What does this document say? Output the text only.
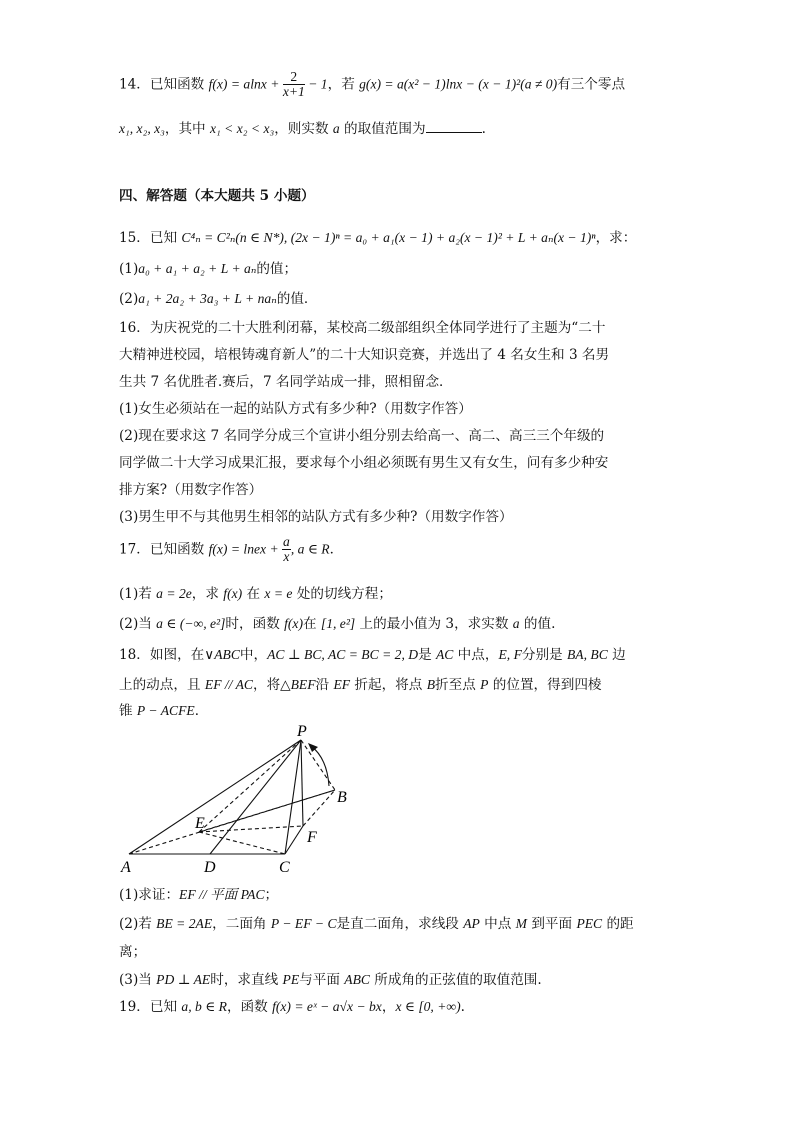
14．已知函数 $f(x) = alnx + \frac{2}{x+1} - 1$，若 g(x) = a(x² − 1)lnx − (x − 1)²(a ≠ 0)有三个零点
x₁, x₂, x₃，其中 x₁ < x₂ < x₃，则实数 a 的取值范围为	.
四、解答题（本大题共 5 小题）
15．已知 C⁴ₙ = C²ₙ(n ∈ N*), (2x − 1)ⁿ = a₀ + a₁(x − 1) + a₂(x − 1)² + L + aₙ(x − 1)ⁿ，求：
(1)a₀ + a₁ + a₂ + L + aₙ的值；
(2)a₁ + 2a₂ + 3a₃ + L + naₙ的值．
16．为庆祝党的二十大胜利闭幕，某校高二级部组织全体同学进行了主题为“二十
大精神进校园，培根铸魂育新人”的二十大知识竞赛，并选出了 4 名女生和 3 名男
生共 7 名优胜者.赛后，7 名同学站成一排，照相留念．
(1)女生必须站在一起的站队方式有多少种?（用数字作答）
(2)现在要求这 7 名同学分成三个宣讲小组分别去给高一、高二、高三三个年级的
同学做二十大学习成果汇报，要求每个小组必须既有男生又有女生，问有多少种安
排方案?（用数字作答）
(3)男生甲不与其他男生相邻的站队方式有多少种?（用数字作答）
17．已知函数 f(x) = lnex + $\frac{a}{x}$ , a ∈ R．
(1)若 a = 2e，求 f(x) 在 x = e 处的切线方程；
(2)当 a ∈ (−∞, e²]时，函数 f(x)在 [1, e²] 上的最小值为 3，求实数 a 的值.
18．如图，在∨ABC中，AC ⊥ BC, AC = BC = 2, D是 AC 中点，E, F分别是 BA, BC 边
上的动点，且 EF // AC，将△BEF沿 EF 折起，将点 B折至点 P 的位置，得到四棱
锥 P − ACFE．
P
B
E
F
A	D	C
(1)求证：EF // 平面 PAC；
(2)若 BE = 2AE，二面角 P − EF − C是直二面角，求线段 AP 中点 M 到平面 PEC 的距
离；
(3)当 PD ⊥ AE时，求直线 PE与平面 ABC 所成角的正弦值的取值范围.
19．已知 a, b ∈ R，函数 f(x) = eˣ − a√x − bx，x ∈ [0, +∞).
